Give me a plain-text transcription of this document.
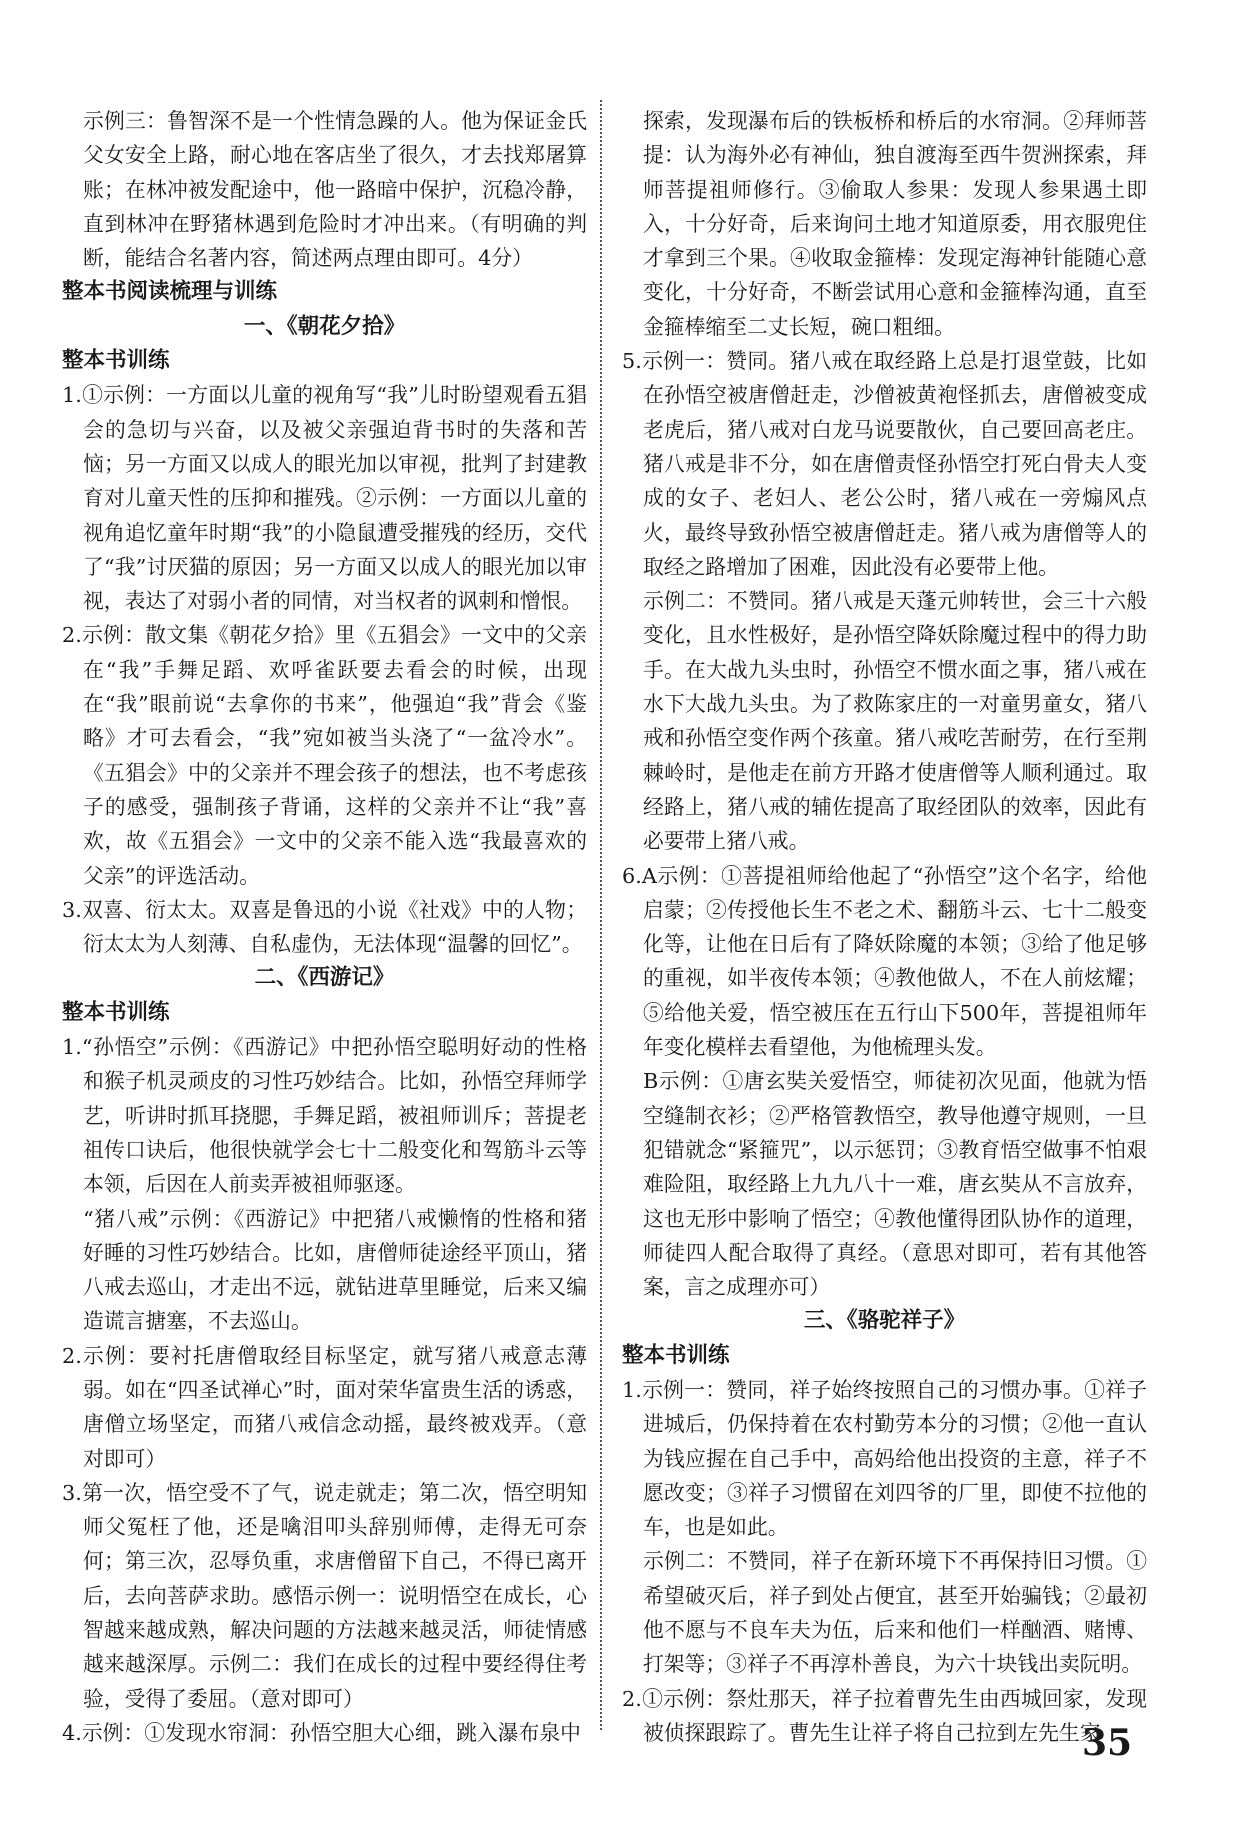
示例三：鲁智深不是一个性情急躁的人。他为保证金氏父女安全上路，耐心地在客店坐了很久，才去找郑屠算账；在林冲被发配途中，他一路暗中保护，沉稳冷静，直到林冲在野猪林遇到危险时才冲出来。（有明确的判断，能结合名著内容，简述两点理由即可。4分）

整本书阅读梳理与训练

一、《朝花夕拾》

整本书训练

1.①示例：一方面以儿童的视角写“我”儿时盼望观看五猖会的急切与兴奋，以及被父亲强迫背书时的失落和苦恼；另一方面又以成人的眼光加以审视，批判了封建教育对儿童天性的压抑和摧残。②示例：一方面以儿童的视角追忆童年时期“我”的小隐鼠遭受摧残的经历，交代了“我”讨厌猫的原因；另一方面又以成人的眼光加以审视，表达了对弱小者的同情，对当权者的讽刺和憎恨。

2.示例：散文集《朝花夕拾》里《五猖会》一文中的父亲在“我”手舞足蹈、欢呼雀跃要去看会的时候，出现在“我”眼前说“去拿你的书来”，他强迫“我”背会《鉴略》才可去看会，“我”宛如被当头浇了“一盆冷水”。《五猖会》中的父亲并不理会孩子的想法，也不考虑孩子的感受，强制孩子背诵，这样的父亲并不让“我”喜欢，故《五猖会》一文中的父亲不能入选“我最喜欢的父亲”的评选活动。

3.双喜、衍太太。双喜是鲁迅的小说《社戏》中的人物；衍太太为人刻薄、自私虚伪，无法体现“温馨的回忆”。

二、《西游记》

整本书训练

1.“孙悟空”示例：《西游记》中把孙悟空聪明好动的性格和猴子机灵顽皮的习性巧妙结合。比如，孙悟空拜师学艺，听讲时抓耳挠腮，手舞足蹈，被祖师训斥；菩提老祖传口诀后，他很快就学会七十二般变化和驾筋斗云等本领，后因在人前卖弄被祖师驱逐。

“猪八戒”示例：《西游记》中把猪八戒懒惰的性格和猪好睡的习性巧妙结合。比如，唐僧师徒途经平顶山，猪八戒去巡山，才走出不远，就钻进草里睡觉，后来又编造谎言搪塞，不去巡山。

2.示例：要衬托唐僧取经目标坚定，就写猪八戒意志薄弱。如在“四圣试禅心”时，面对荣华富贵生活的诱惑，唐僧立场坚定，而猪八戒信念动摇，最终被戏弄。（意对即可）

3.第一次，悟空受不了气，说走就走；第二次，悟空明知师父冤枉了他，还是噙泪叩头辞别师傅，走得无可奈何；第三次，忍辱负重，求唐僧留下自己，不得已离开后，去向菩萨求助。感悟示例一：说明悟空在成长，心智越来越成熟，解决问题的方法越来越灵活，师徒情感越来越深厚。示例二：我们在成长的过程中要经得住考验，受得了委屈。（意对即可）

4.示例：①发现水帘洞：孙悟空胆大心细，跳入瀑布泉中

探索，发现瀑布后的铁板桥和桥后的水帘洞。②拜师菩提：认为海外必有神仙，独自渡海至西牛贺洲探索，拜师菩提祖师修行。③偷取人参果：发现人参果遇土即入，十分好奇，后来询问土地才知道原委，用衣服兜住才拿到三个果。④收取金箍棒：发现定海神针能随心意变化，十分好奇，不断尝试用心意和金箍棒沟通，直至金箍棒缩至二丈长短，碗口粗细。

5.示例一：赞同。猪八戒在取经路上总是打退堂鼓，比如在孙悟空被唐僧赶走，沙僧被黄袍怪抓去，唐僧被变成老虎后，猪八戒对白龙马说要散伙，自己要回高老庄。猪八戒是非不分，如在唐僧责怪孙悟空打死白骨夫人变成的女子、老妇人、老公公时，猪八戒在一旁煽风点火，最终导致孙悟空被唐僧赶走。猪八戒为唐僧等人的取经之路增加了困难，因此没有必要带上他。

示例二：不赞同。猪八戒是天蓬元帅转世，会三十六般变化，且水性极好，是孙悟空降妖除魔过程中的得力助手。在大战九头虫时，孙悟空不惯水面之事，猪八戒在水下大战九头虫。为了救陈家庄的一对童男童女，猪八戒和孙悟空变作两个孩童。猪八戒吃苦耐劳，在行至荆棘岭时，是他走在前方开路才使唐僧等人顺利通过。取经路上，猪八戒的辅佐提高了取经团队的效率，因此有必要带上猪八戒。

6.A示例：①菩提祖师给他起了“孙悟空”这个名字，给他启蒙；②传授他长生不老之术、翻筋斗云、七十二般变化等，让他在日后有了降妖除魔的本领；③给了他足够的重视，如半夜传本领；④教他做人，不在人前炫耀；⑤给他关爱，悟空被压在五行山下500年，菩提祖师年年变化模样去看望他，为他梳理头发。

B示例：①唐玄奘关爱悟空，师徒初次见面，他就为悟空缝制衣衫；②严格管教悟空，教导他遵守规则，一旦犯错就念“紧箍咒”，以示惩罚；③教育悟空做事不怕艰难险阻，取经路上九九八十一难，唐玄奘从不言放弃，这也无形中影响了悟空；④教他懂得团队协作的道理，师徒四人配合取得了真经。（意思对即可，若有其他答案，言之成理亦可）

三、《骆驼祥子》

整本书训练

1.示例一：赞同，祥子始终按照自己的习惯办事。①祥子进城后，仍保持着在农村勤劳本分的习惯；②他一直认为钱应握在自己手中，高妈给他出投资的主意，祥子不愿改变；③祥子习惯留在刘四爷的厂里，即使不拉他的车，也是如此。

示例二：不赞同，祥子在新环境下不再保持旧习惯。①希望破灭后，祥子到处占便宜，甚至开始骗钱；②最初他不愿与不良车夫为伍，后来和他们一样酗酒、赌博、打架等；③祥子不再淳朴善良，为六十块钱出卖阮明。

2.①示例：祭灶那天，祥子拉着曹先生由西城回家，发现被侦探跟踪了。曹先生让祥子将自己拉到左先生家

35
